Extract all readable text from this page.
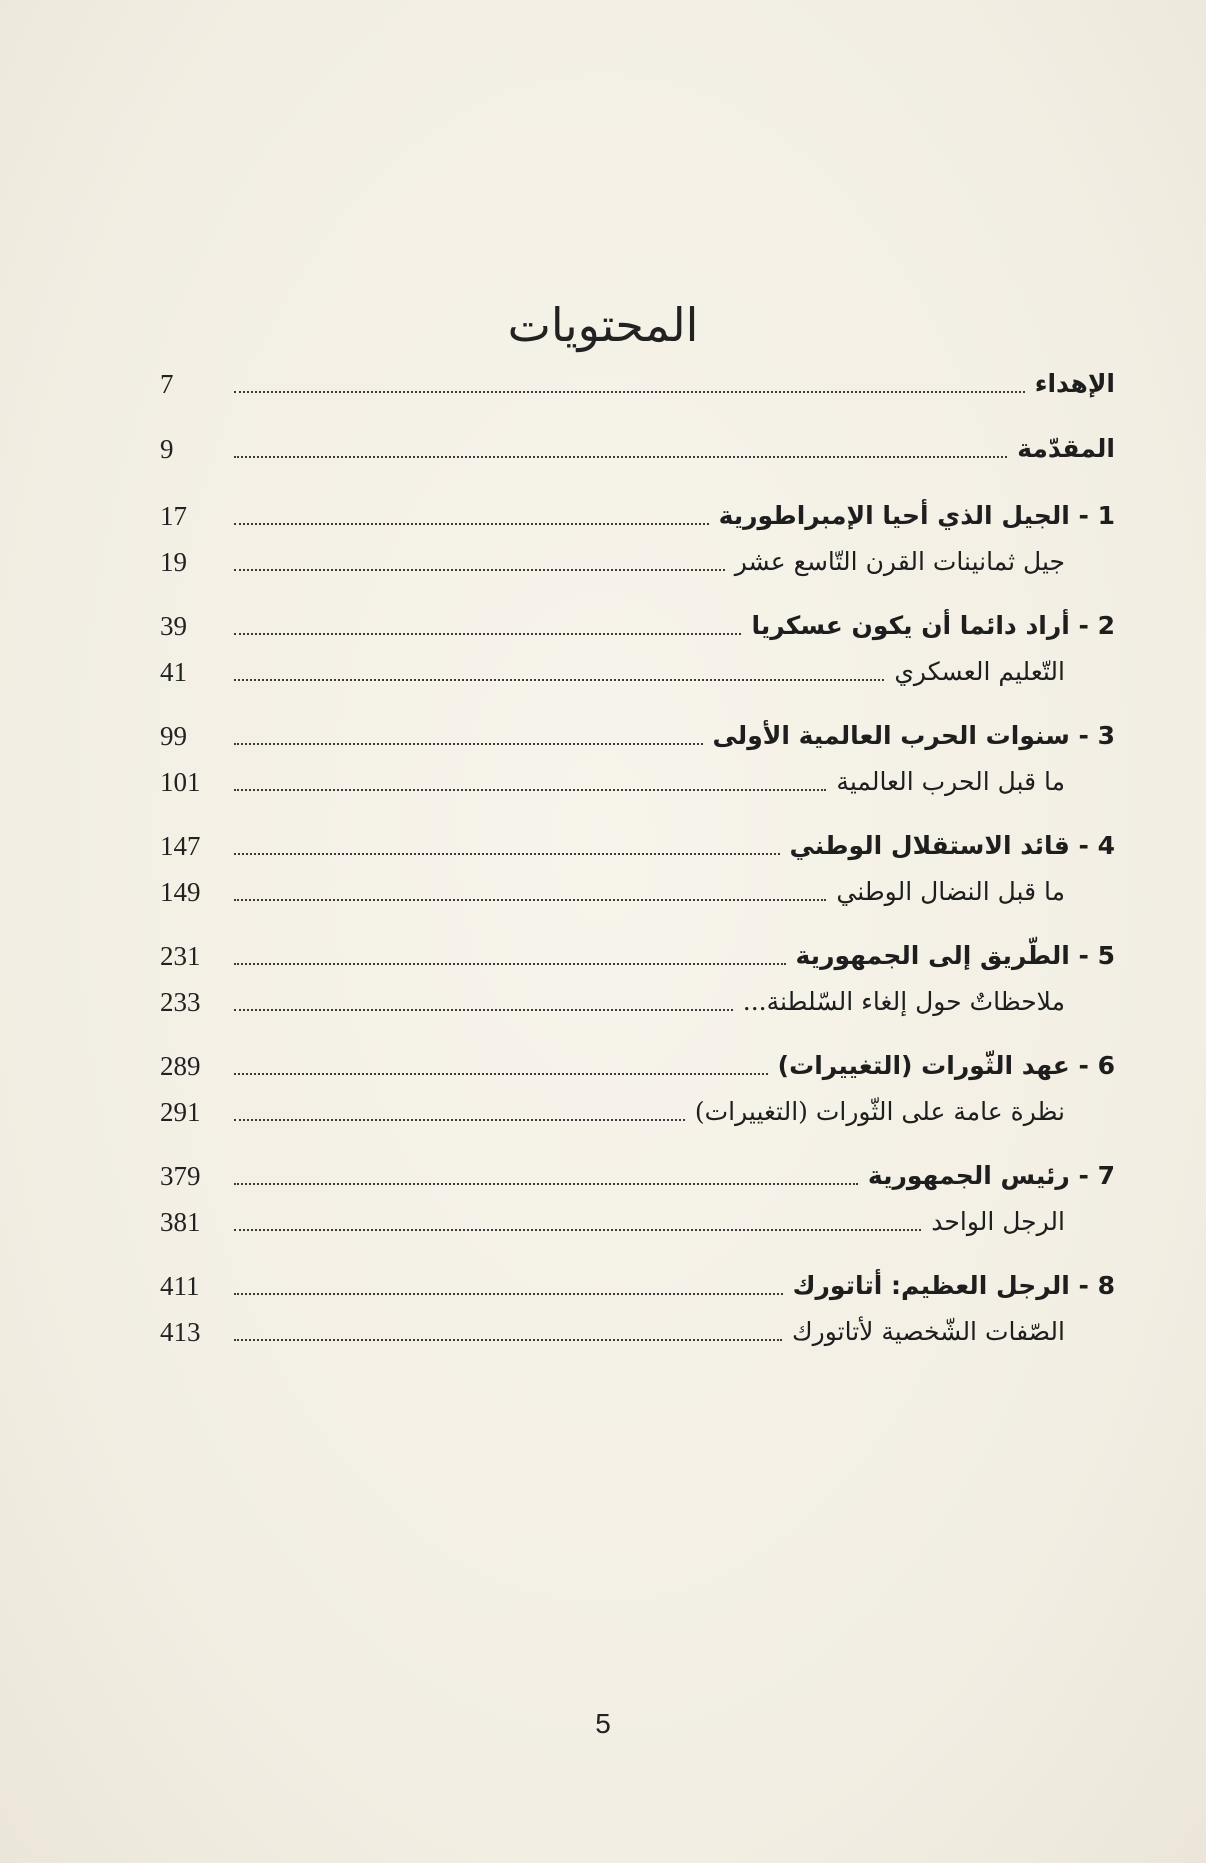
المحتويات
الإهداء
7
المقدّمة
9
1 - الجيل الذي أحيا الإمبراطورية
17
جيل ثمانينات القرن التّاسع عشر
19
2 - أراد دائما أن يكون عسكريا
39
التّعليم العسكري
41
3 - سنوات الحرب العالمية الأولى
99
ما قبل الحرب العالمية
101
4 - قائد الاستقلال الوطني
147
ما قبل النضال الوطني
149
5 - الطّريق إلى الجمهورية
231
ملاحظاتٌ حول إلغاء السّلطنة...
233
6 - عهد الثّورات (التغييرات)
289
نظرة عامة على الثّورات (التغييرات)
291
7 - رئيس الجمهورية
379
الرجل الواحد
381
8 - الرجل العظيم: أتاتورك
411
الصّفات الشّخصية لأتاتورك
413
5
